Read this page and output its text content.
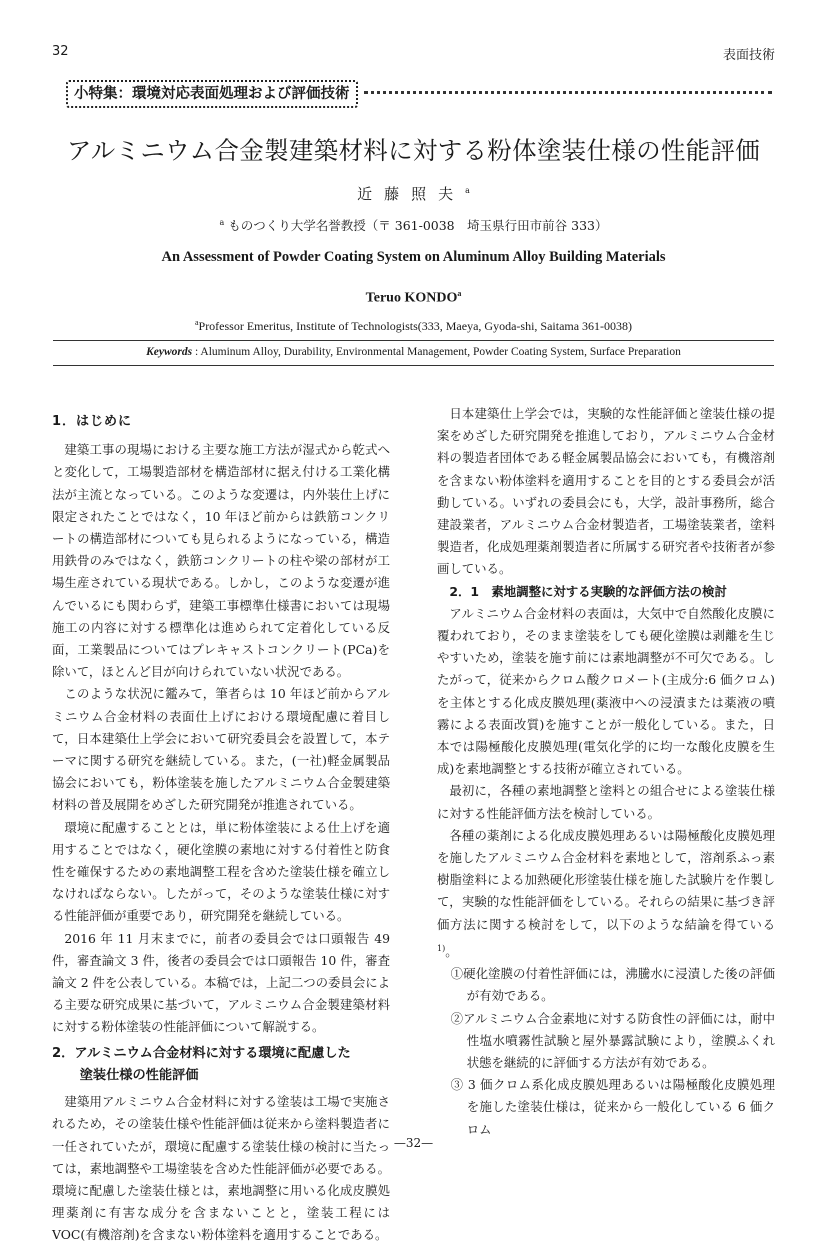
32	表面技術
小特集：環境対応表面処理および評価技術
アルミニウム合金製建築材料に対する粉体塗装仕様の性能評価
近藤照夫$^a$
$^a$ ものつくり大学名誉教授（〒 361-0038　埼玉県行田市前谷 333）
An Assessment of Powder Coating System on Aluminum Alloy Building Materials
Teruo KONDO$^a$
$^a$Professor Emeritus, Institute of Technologists(333, Maeya, Gyoda-shi, Saitama 361-0038)
Keywords : Aluminum Alloy, Durability, Environmental Management, Powder Coating System, Surface Preparation

1．はじめに

建築工事の現場における主要な施工方法が湿式から乾式へと変化して，工場製造部材を構造部材に据え付ける工業化構法が主流となっている。このような変遷は，内外装仕上げに限定されたことではなく，10 年ほど前からは鉄筋コンクリートの構造部材についても見られるようになっている，構造用鉄骨のみではなく，鉄筋コンクリートの柱や梁の部材が工場生産されている現状である。しかし，このような変遷が進んでいるにも関わらず，建築工事標準仕様書においては現場施工の内容に対する標準化は進められて定着化している反面，工業製品についてはプレキャストコンクリート(PCa)を除いて，ほとんど目が向けられていない状況である。

このような状況に鑑みて，筆者らは 10 年ほど前からアルミニウム合金材料の表面仕上げにおける環境配慮に着目して，日本建築仕上学会において研究委員会を設置して，本テーマに関する研究を継続している。また，(一社)軽金属製品協会においても，粉体塗装を施したアルミニウム合金製建築材料の普及展開をめざした研究開発が推進されている。

環境に配慮することとは，単に粉体塗装による仕上げを適用することではなく，硬化塗膜の素地に対する付着性と防食性を確保するための素地調整工程を含めた塗装仕様を確立しなければならない。したがって，そのような塗装仕様に対する性能評価が重要であり，研究開発を継続している。

2016 年 11 月末までに，前者の委員会では口頭報告 49 件，審査論文 3 件，後者の委員会では口頭報告 10 件，審査論文 2 件を公表している。本稿では，上記二つの委員会による主要な研究成果に基づいて，アルミニウム合金製建築材料に対する粉体塗装の性能評価について解説する。

2．アルミニウム合金材料に対する環境に配慮した
塗装仕様の性能評価

建築用アルミニウム合金材料に対する塗装は工場で実施されるため，その塗装仕様や性能評価は従来から塗料製造者に一任されていたが，環境に配慮する塗装仕様の検討に当たっては，素地調整や工場塗装を含めた性能評価が必要である。環境に配慮した塗装仕様とは，素地調整に用いる化成皮膜処理薬剤に有害な成分を含まないことと，塗装工程には VOC(有機溶剤)を含まない粉体塗料を適用することである。

日本建築仕上学会では，実験的な性能評価と塗装仕様の提案をめざした研究開発を推進しており，アルミニウム合金材料の製造者団体である軽金属製品協会においても，有機溶剤を含まない粉体塗料を適用することを目的とする委員会が活動している。いずれの委員会にも，大学，設計事務所，総合建設業者，アルミニウム合金材製造者，工場塗装業者，塗料製造者，化成処理薬剤製造者に所属する研究者や技術者が参画している。

2．1　素地調整に対する実験的な評価方法の検討

アルミニウム合金材料の表面は，大気中で自然酸化皮膜に覆われており，そのまま塗装をしても硬化塗膜は剥離を生じやすいため，塗装を施す前には素地調整が不可欠である。したがって，従来からクロム酸クロメート(主成分:6 価クロム)を主体とする化成皮膜処理(薬液中への浸漬または薬液の噴霧による表面改質)を施すことが一般化している。また，日本では陽極酸化皮膜処理(電気化学的に均一な酸化皮膜を生成)を素地調整とする技術が確立されている。

最初に，各種の素地調整と塗料との組合せによる塗装仕様に対する性能評価方法を検討している。

各種の薬剤による化成皮膜処理あるいは陽極酸化皮膜処理を施したアルミニウム合金材料を素地として，溶剤系ふっ素樹脂塗料による加熱硬化形塗装仕様を施した試験片を作製して，実験的な性能評価をしている。それらの結果に基づき評価方法に関する検討をして，以下のような結論を得ている $^{1)}$。

①硬化塗膜の付着性評価には，沸騰水に浸漬した後の評価が有効である。

②アルミニウム合金素地に対する防食性の評価には，耐中性塩水噴霧性試験と屋外暴露試験により，塗膜ふくれ状態を継続的に評価する方法が有効である。

③ 3 価クロム系化成皮膜処理あるいは陽極酸化皮膜処理を施した塗装仕様は，従来から一般化している 6 価クロム

—32—
